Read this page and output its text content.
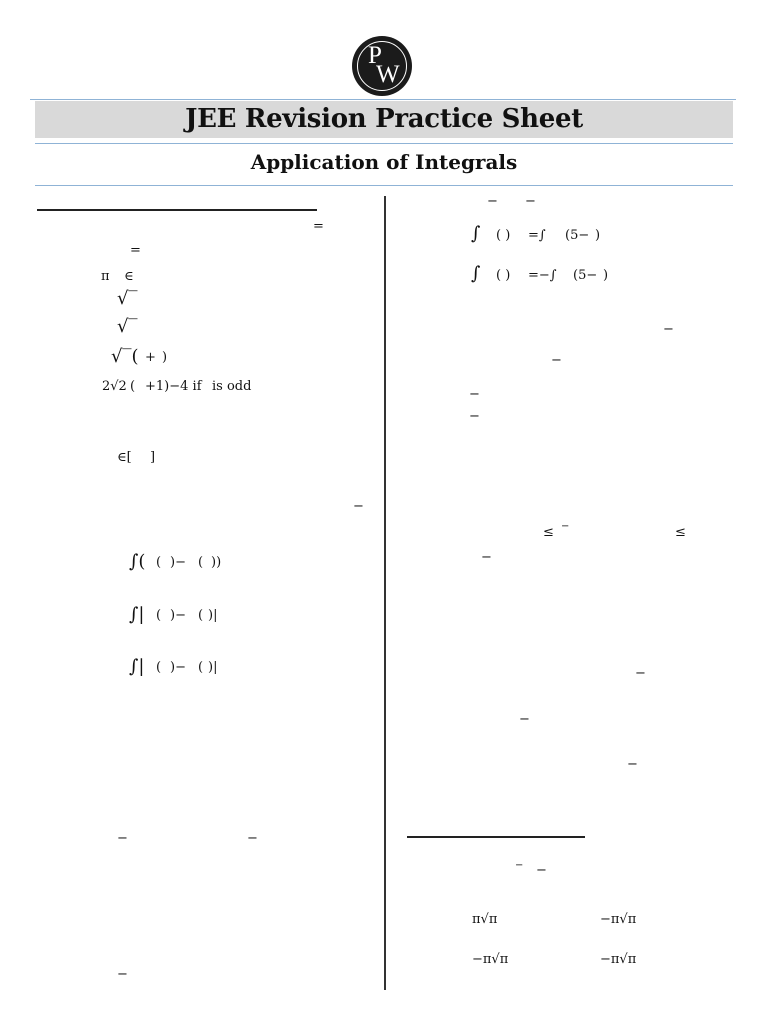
P
W
JEE Revision Practice Sheet
Application of Integrals
=
=
π ∈
√‾
√‾
√‾( + )
2√2 ( +1)−4 if is odd
∈[ ]
−
∫( ( )− ( ))
∫| ( )− ( )|
∫| ( )− ( )|
−	−
−
− −
∫ ( ) =∫ (5− )
∫ ( ) =−∫ (5− )
−
−
−
−
≤ −	≤
−
−
−
−
− −
π√π	−π√π
−π√π	−π√π
